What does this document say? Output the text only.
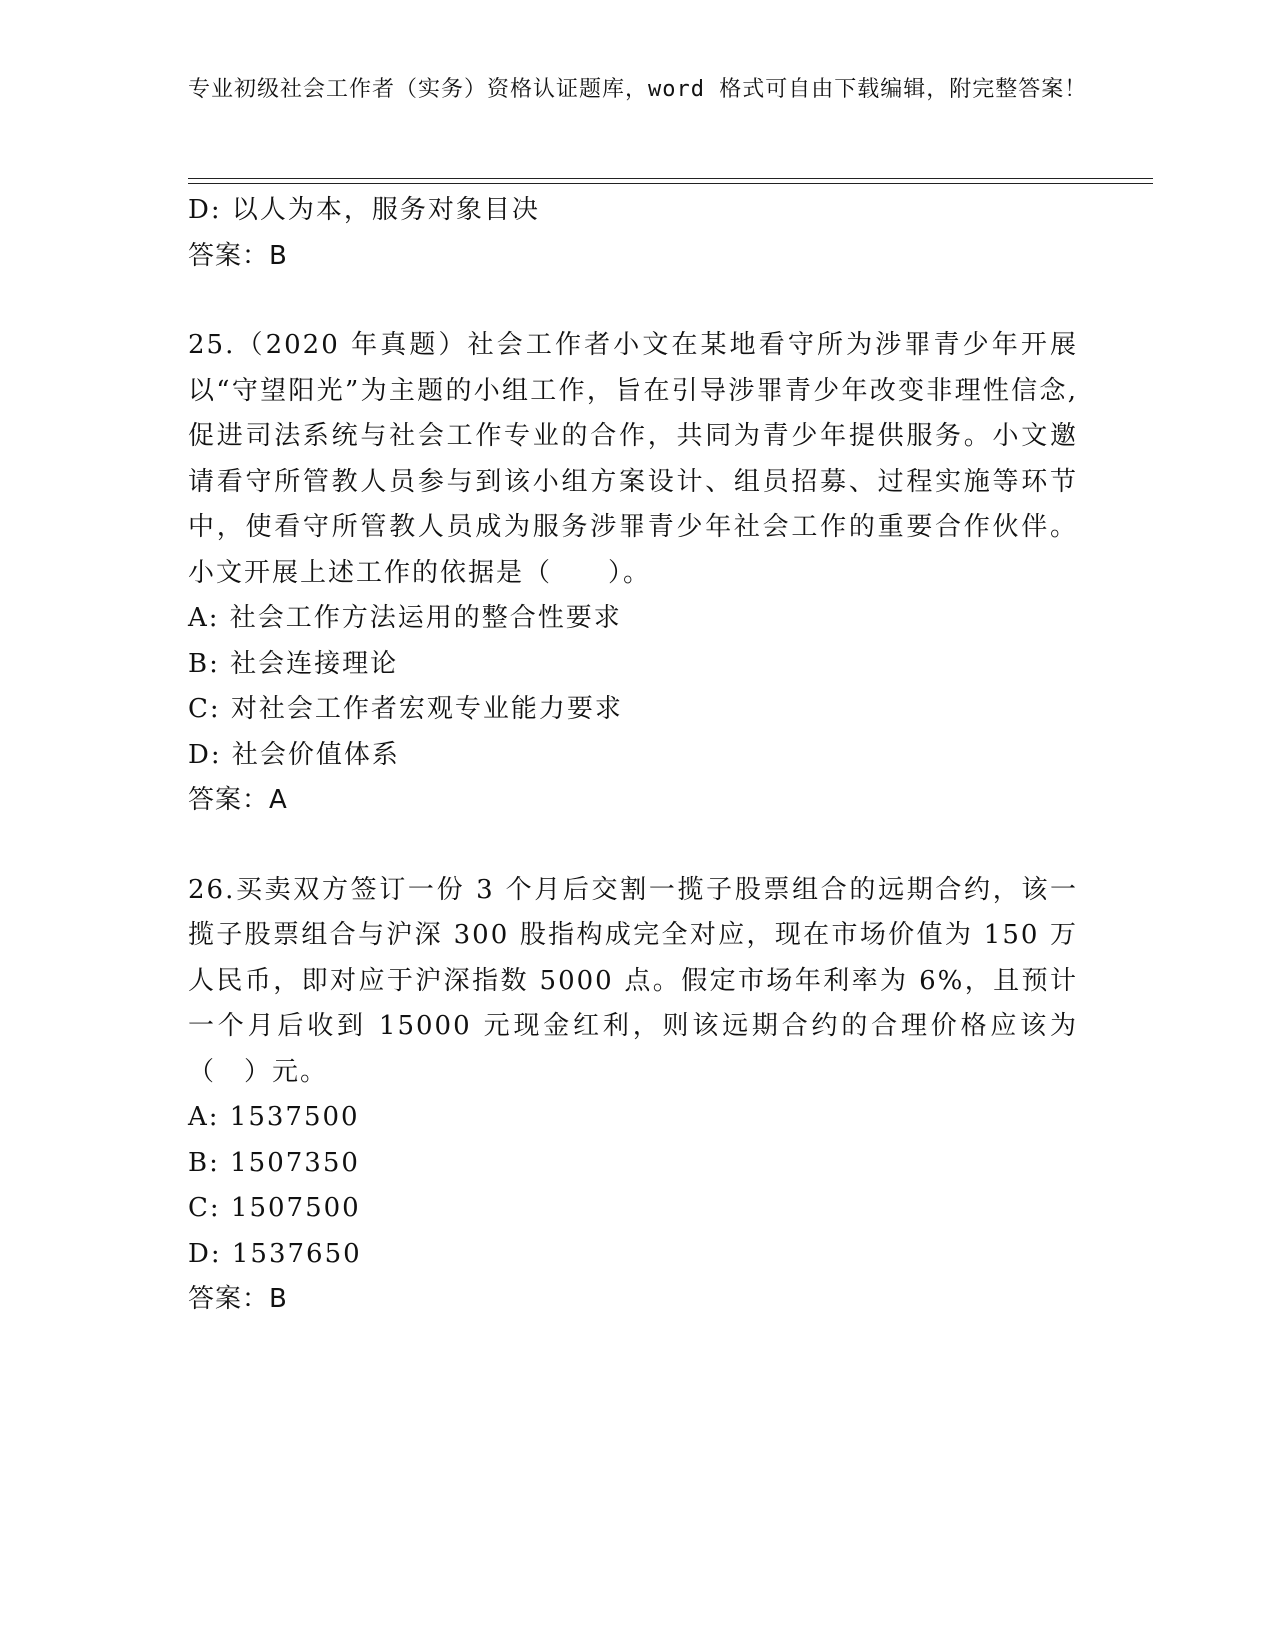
专业初级社会工作者（实务）资格认证题库，word 格式可自由下载编辑，附完整答案！
D: 以人为本，服务对象目决
答案：B
25.（2020 年真题）社会工作者小文在某地看守所为涉罪青少年开展以“守望阳光”为主题的小组工作，旨在引导涉罪青少年改变非理性信念,促进司法系统与社会工作专业的合作，共同为青少年提供服务。小文邀请看守所管教人员参与到该小组方案设计、组员招募、过程实施等环节中，使看守所管教人员成为服务涉罪青少年社会工作的重要合作伙伴。小文开展上述工作的依据是（　　）。
A: 社会工作方法运用的整合性要求
B: 社会连接理论
C: 对社会工作者宏观专业能力要求
D: 社会价值体系
答案：A
26.买卖双方签订一份 3 个月后交割一揽子股票组合的远期合约，该一揽子股票组合与沪深 300 股指构成完全对应，现在市场价值为 150 万人民币，即对应于沪深指数 5000 点。假定市场年利率为 6%，且预计一个月后收到 15000 元现金红利，则该远期合约的合理价格应该为（　）元。
A: 1537500
B: 1507350
C: 1507500
D: 1537650
答案：B
